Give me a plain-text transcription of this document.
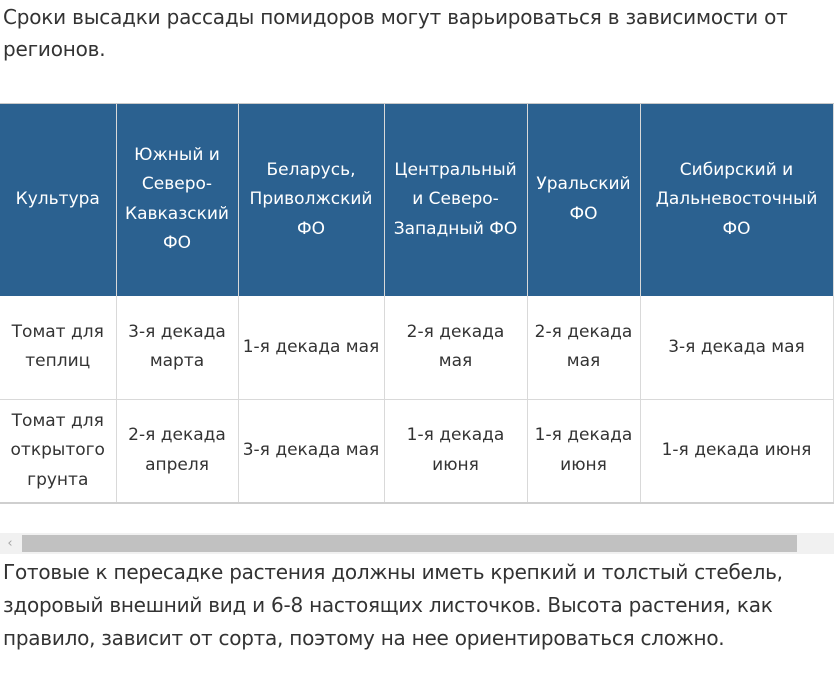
Сроки высадки рассады помидоров могут варьироваться в зависимости от регионов.

Культура	Южный и Северо-Кавказский ФО	Беларусь, Приволжский ФО	Центральный и Северо-Западный ФО	Уральский ФО	Сибирский и Дальневосточный ФО	
Томат для теплиц	3-я декада марта	1-я декада мая	2-я декада мая	2-я декада мая	3-я декада мая	
Томат для открытого грунта	2-я декада апреля	3-я декада мая	1-я декада июня	1-я декада июня	1-я декада июня	
‹

Готовые к пересадке растения должны иметь крепкий и толстый стебель, здоровый внешний вид и 6-8 настоящих листочков. Высота растения, как правило, зависит от сорта, поэтому на нее ориентироваться сложно.
